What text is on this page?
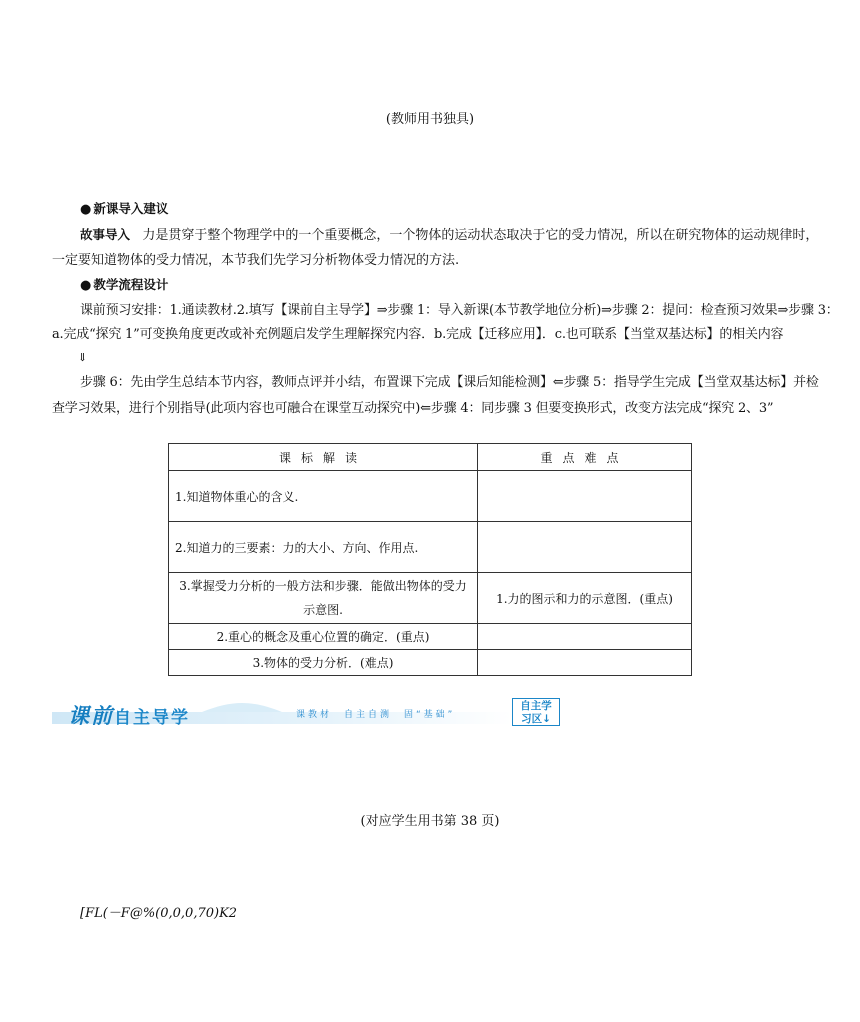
(教师用书独具)
● 新课导入建议
故事导入 力是贯穿于整个物理学中的一个重要概念，一个物体的运动状态取决于它的受力情况，所以在研究物体的运动规律时，
一定要知道物体的受力情况，本节我们先学习分析物体受力情况的方法.
● 教学流程设计
课前预习安排：1.通读教材.2.填写【课前自主导学】⇒步骤 1：导入新课(本节教学地位分析)⇒步骤 2：提问：检查预习效果⇒步骤 3：
a.完成“探究 1”可变换角度更改或补充例题启发学生理解探究内容．b.完成【迁移应用】．c.也可联系【当堂双基达标】的相关内容
⇓
步骤 6：先由学生总结本节内容，教师点评并小结，布置课下完成【课后知能检测】⇐步骤 5：指导学生完成【当堂双基达标】并检
查学习效果，进行个别指导(此项内容也可融合在课堂互动探究中)⇐步骤 4：同步骤 3 但要变换形式，改变方法完成“探究 2、3”
课标解读	重点难点
1.知道物体重心的含义.	
2.知道力的三要素：力的大小、方向、作用点.	
3.掌握受力分析的一般方法和步骤．能做出物体的受力示意图.	1.力的图示和力的示意图．(重点)
2.重心的概念及重心位置的确定．(重点)	
3.物体的受力分析．(难点)	
课前自主导学	课教材　自主自测　固“基础”
自主学
习区↓
(对应学生用书第 38 页)
[FL(－F@%(0,0,0,70)K2
